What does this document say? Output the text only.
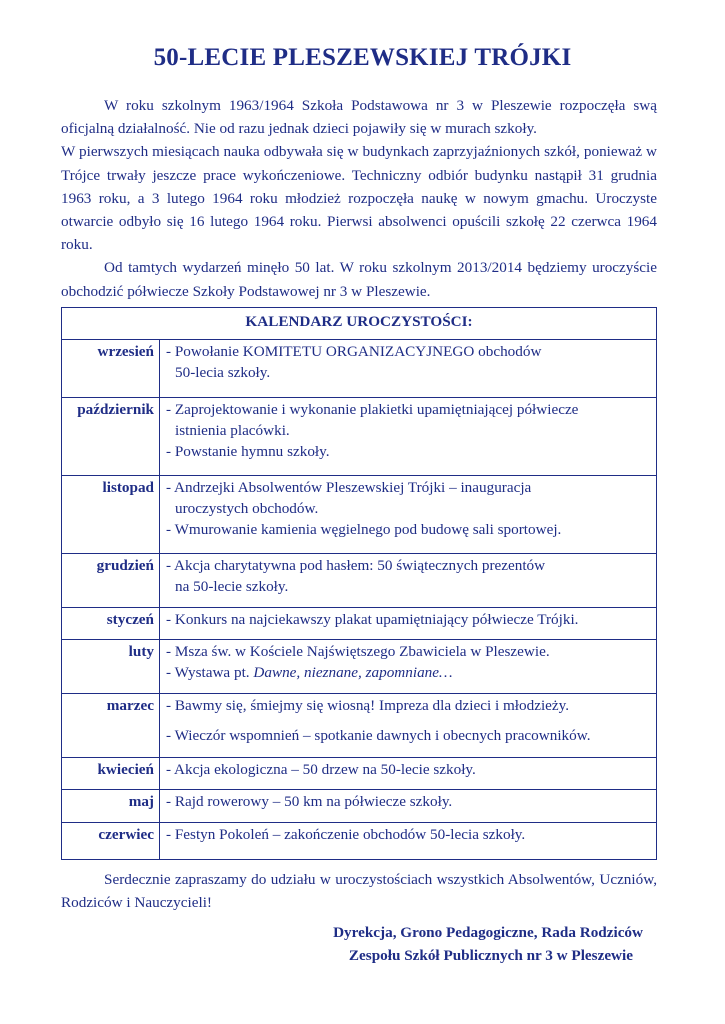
50-LECIE PLESZEWSKIEJ TRÓJKI

W roku szkolnym 1963/1964 Szkoła Podstawowa nr 3 w Pleszewie rozpoczęła swą oficjalną działalność. Nie od razu jednak dzieci pojawiły się w murach szkoły.

W pierwszych miesiącach nauka odbywała się w budynkach zaprzyjaźnionych szkół, ponieważ w Trójce trwały jeszcze prace wykończeniowe. Techniczny odbiór budynku nastąpił 31 grudnia 1963 roku, a 3 lutego 1964 roku młodzież rozpoczęła naukę w nowym gmachu. Uroczyste otwarcie odbyło się 16 lutego 1964 roku. Pierwsi absolwenci opuścili szkołę 22 czerwca 1964 roku.

Od tamtych wydarzeń minęło 50 lat. W roku szkolnym 2013/2014 będziemy uroczyście obchodzić półwiecze Szkoły Podstawowej nr 3 w Pleszewie.

KALENDARZ UROCZYSTOŚCI:	
wrzesień	- Powołanie KOMITETU ORGANIZACYJNEGO obchodów
50-lecia szkoły.

październik	- Zaprojektowanie i wykonanie plakietki upamiętniającej półwiecze
istnienia placówki.
- Powstanie hymnu szkoły.

listopad	- Andrzejki Absolwentów Pleszewskiej Trójki – inauguracja
uroczystych obchodów.
- Wmurowanie kamienia węgielnego pod budowę sali sportowej.

grudzień	- Akcja charytatywna pod hasłem: 50 świątecznych prezentów
na 50-lecie szkoły.

styczeń	- Konkurs na najciekawszy plakat upamiętniający półwiecze Trójki.

luty	- Msza św. w Kościele Najświętszego Zbawiciela w Pleszewie.
- Wystawa pt. Dawne, nieznane, zapomniane…

marzec	- Bawmy się, śmiejmy się wiosną! Impreza dla dzieci i młodzieży.
- Wieczór wspomnień – spotkanie dawnych i obecnych pracowników.

kwiecień	- Akcja ekologiczna – 50 drzew na 50-lecie szkoły.

maj	- Rajd rowerowy – 50 km na półwiecze szkoły.

czerwiec	- Festyn Pokoleń – zakończenie obchodów 50-lecia szkoły.

Serdecznie zapraszamy do udziału w uroczystościach wszystkich Absolwentów, Uczniów, Rodziców i Nauczycieli!

Dyrekcja, Grono Pedagogiczne, Rada Rodziców

Zespołu Szkół Publicznych nr 3 w Pleszewie
